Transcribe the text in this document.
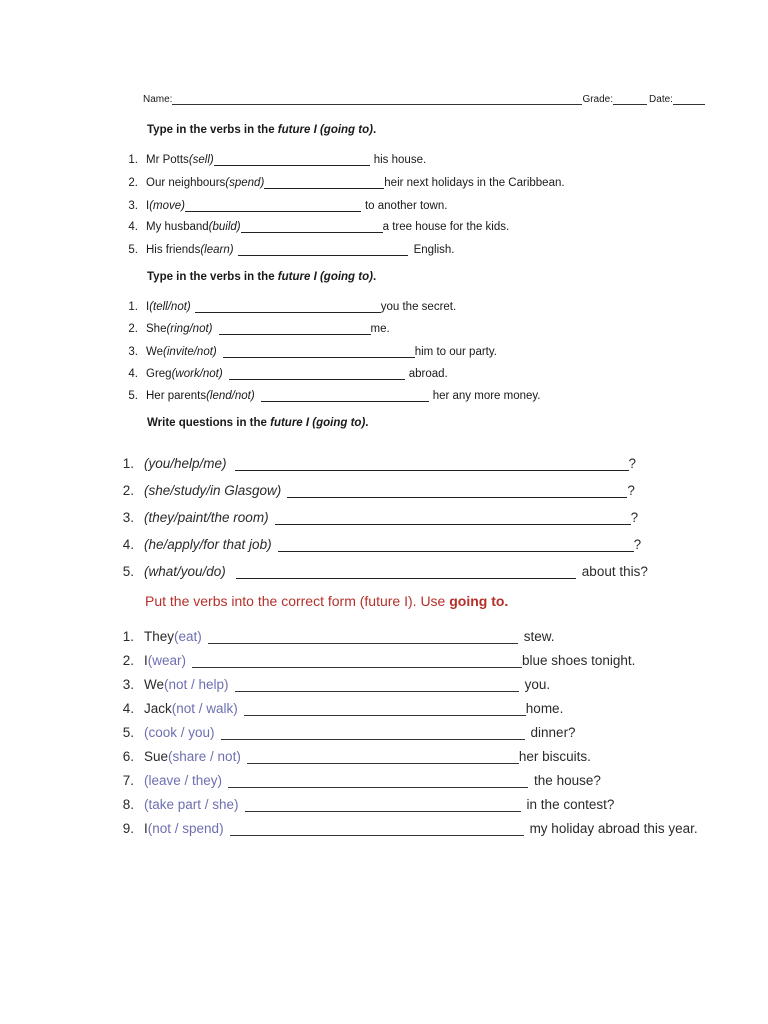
Name:	Grade:	Date:
Type in the verbs in the future I (going to).
1. Mr Potts (sell)	his house.
2. Our neighbours (spend)	heir next holidays in the Caribbean.
3. I (move)	to another town.
4. My husband (build)	a tree house for the kids.
5. His friends (learn)	English.
Type in the verbs in the future I (going to).
1. I (tell/not)	you the secret.
2. She (ring/not)	me.
3. We (invite/not)	him to our party.
4. Greg (work/not)	abroad.
5. Her parents (lend/not)	her any more money.
Write questions in the future I (going to).
1. (you/help/me)	?
2. (she/study/in Glasgow)	?
3. (they/paint/the room)	?
4. (he/apply/for that job)	?
5. (what/you/do)	about this?
Put the verbs into the correct form (future I). Use going to.
1. They (eat)	stew.
2. I (wear)	blue shoes tonight.
3. We (not / help)	you.
4. Jack (not / walk)	home.
5. (cook / you)	dinner?
6. Sue (share / not)	her biscuits.
7. (leave / they)	the house?
8. (take part / she)	in the contest?
9. I (not / spend)	my holiday abroad this year.
